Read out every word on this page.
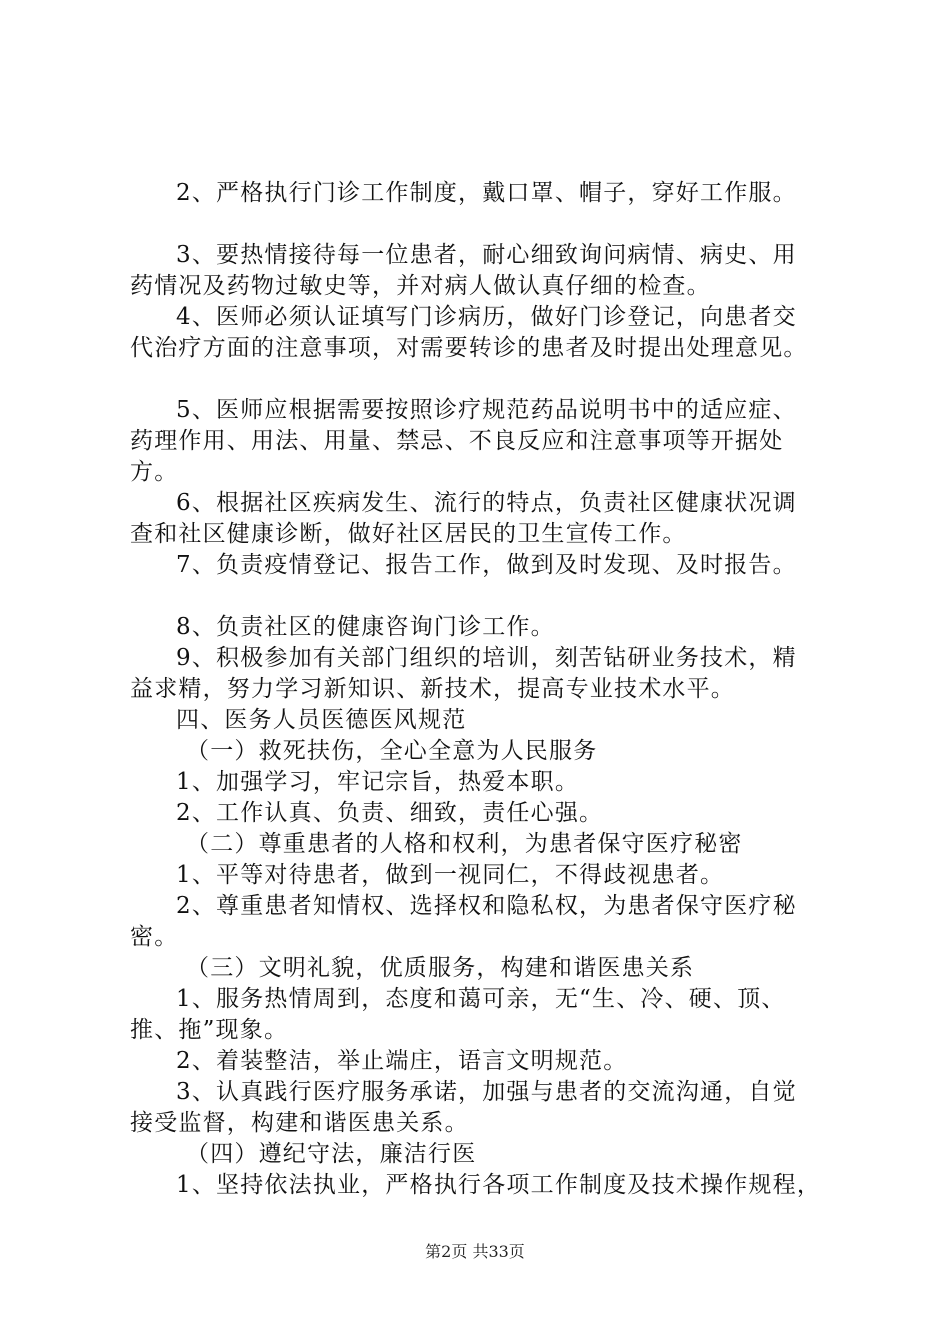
2、严格执行门诊工作制度，戴口罩、帽子，穿好工作服。
3、要热情接待每一位患者，耐心细致询问病情、病史、用
药情况及药物过敏史等，并对病人做认真仔细的检查。
4、医师必须认证填写门诊病历，做好门诊登记，向患者交
代治疗方面的注意事项，对需要转诊的患者及时提出处理意见。
5、医师应根据需要按照诊疗规范药品说明书中的适应症、
药理作用、用法、用量、禁忌、不良反应和注意事项等开据处
方。
6、根据社区疾病发生、流行的特点，负责社区健康状况调
查和社区健康诊断，做好社区居民的卫生宣传工作。
7、负责疫情登记、报告工作，做到及时发现、及时报告。
8、负责社区的健康咨询门诊工作。
9、积极参加有关部门组织的培训，刻苦钻研业务技术，精
益求精，努力学习新知识、新技术，提高专业技术水平。
四、医务人员医德医风规范
（一）救死扶伤，全心全意为人民服务
1、加强学习，牢记宗旨，热爱本职。
2、工作认真、负责、细致，责任心强。
（二）尊重患者的人格和权利，为患者保守医疗秘密
1、平等对待患者，做到一视同仁，不得歧视患者。
2、尊重患者知情权、选择权和隐私权，为患者保守医疗秘
密。
（三）文明礼貌，优质服务，构建和谐医患关系
1、服务热情周到，态度和蔼可亲，无“生、冷、硬、顶、
推、拖”现象。
2、着装整洁，举止端庄，语言文明规范。
3、认真践行医疗服务承诺，加强与患者的交流沟通，自觉
接受监督，构建和谐医患关系。
（四）遵纪守法，廉洁行医
1、坚持依法执业，严格执行各项工作制度及技术操作规程，
第2页 共33页
